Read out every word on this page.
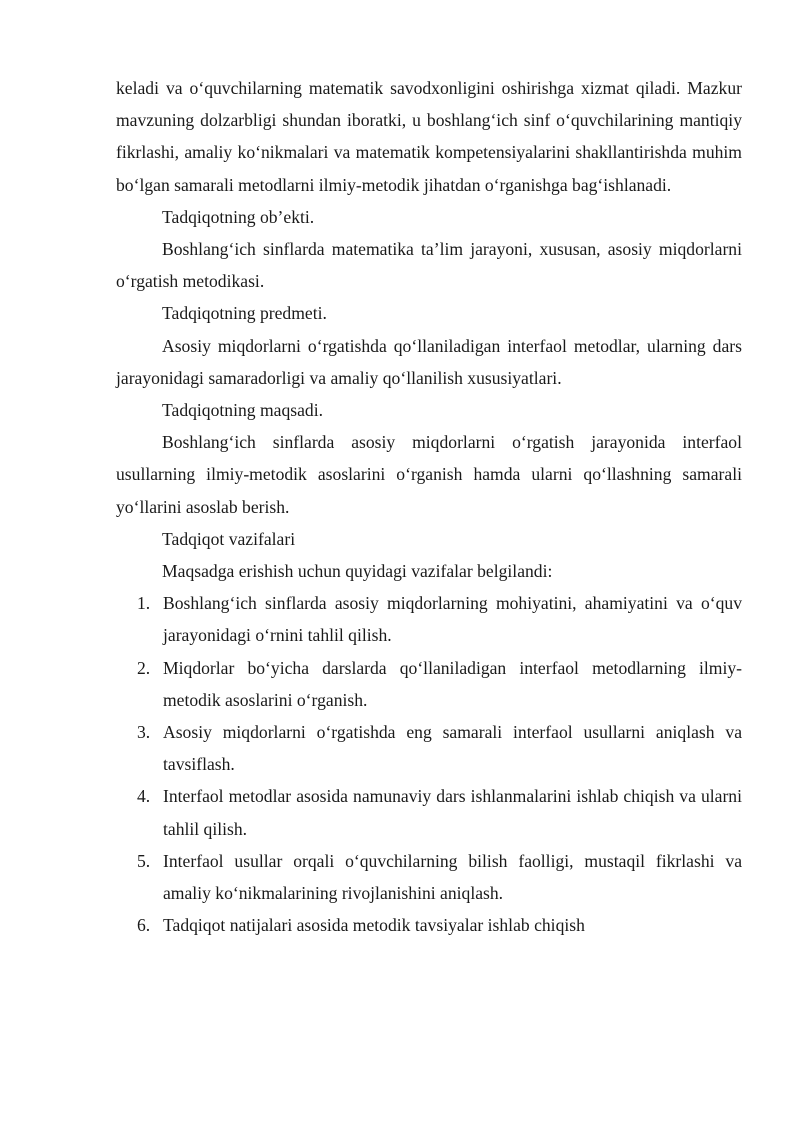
keladi va o‘quvchilarning matematik savodxonligini oshirishga xizmat qiladi. Mazkur mavzuning dolzarbligi shundan iboratki, u boshlang‘ich sinf o‘quvchilarining mantiqiy fikrlashi, amaliy ko‘nikmalari va matematik kompetensiyalarini shakllantirishda muhim bo‘lgan samarali metodlarni ilmiy-metodik jihatdan o‘rganishga bag‘ishlanadi.

Tadqiqotning ob’ekti.

Boshlang‘ich sinflarda matematika ta’lim jarayoni, xususan, asosiy miqdorlarni o‘rgatish metodikasi.

Tadqiqotning predmeti.

Asosiy miqdorlarni o‘rgatishda qo‘llaniladigan interfaol metodlar, ularning dars jarayonidagi samaradorligi va amaliy qo‘llanilish xususiyatlari.

Tadqiqotning maqsadi.

Boshlang‘ich sinflarda asosiy miqdorlarni o‘rgatish jarayonida interfaol usullarning ilmiy-metodik asoslarini o‘rganish hamda ularni qo‘llashning samarali yo‘llarini asoslab berish.

Tadqiqot vazifalari

Maqsadga erishish uchun quyidagi vazifalar belgilandi:

1. Boshlang‘ich sinflarda asosiy miqdorlarning mohiyatini, ahamiyatini va o‘quv jarayonidagi o‘rnini tahlil qilish.
2. Miqdorlar bo‘yicha darslarda qo‘llaniladigan interfaol metodlarning ilmiy-metodik asoslarini o‘rganish.
3. Asosiy miqdorlarni o‘rgatishda eng samarali interfaol usullarni aniqlash va tavsiflash.
4. Interfaol metodlar asosida namunaviy dars ishlanmalarini ishlab chiqish va ularni tahlil qilish.
5. Interfaol usullar orqali o‘quvchilarning bilish faolligi, mustaqil fikrlashi va amaliy ko‘nikmalarining rivojlanishini aniqlash.
6. Tadqiqot natijalari asosida metodik tavsiyalar ishlab chiqish
